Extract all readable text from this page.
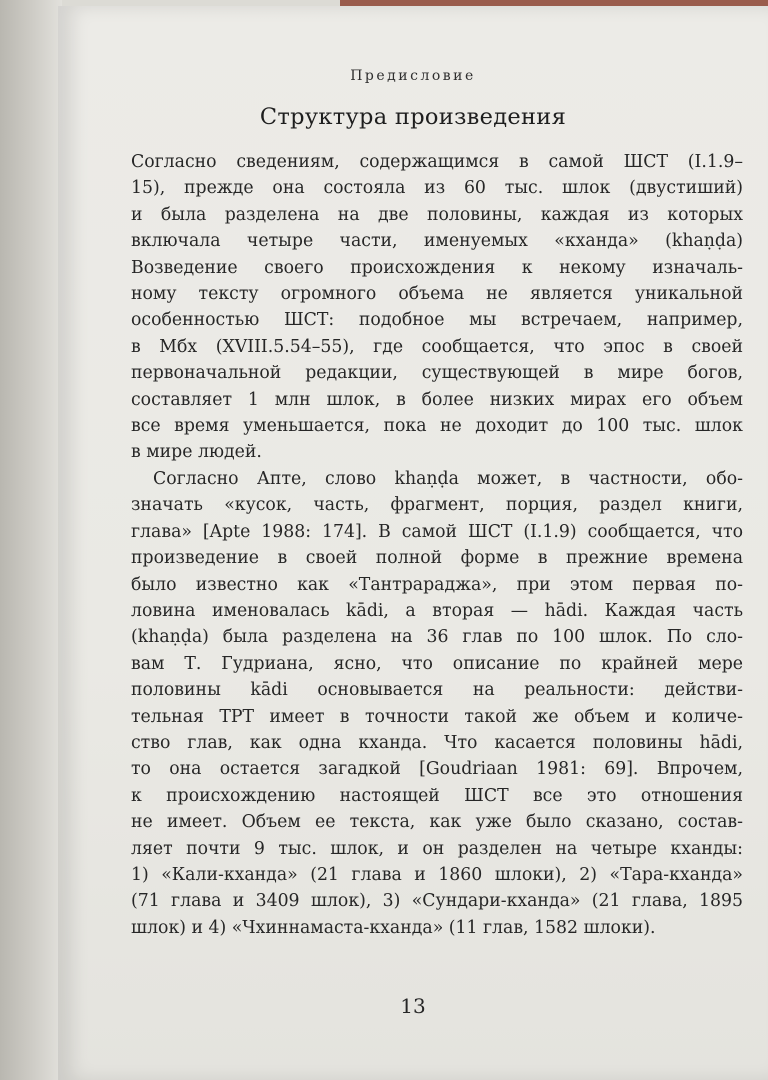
Предисловие
Структура произведения
Согласно сведениям, содержащимся в самой ШСТ (I.1.9–
15), прежде она состояла из 60 тыс. шлок (двустиший)
и была разделена на две половины, каждая из которых
включала четыре части, именуемых «кханда» (khaṇḍa)
Возведение своего происхождения к некому изначаль-
ному тексту огромного объема не является уникальной
особенностью ШСТ: подобное мы встречаем, например,
в Мбх (XVIII.5.54–55), где сообщается, что эпос в своей
первоначальной редакции, существующей в мире богов,
составляет 1 млн шлок, в более низких мирах его объем
все время уменьшается, пока не доходит до 100 тыс. шлок
в мире людей.
Согласно Апте, слово khaṇḍa может, в частности, обо-
значать «кусок, часть, фрагмент, порция, раздел книги,
глава» [Apte 1988: 174]. В самой ШСТ (I.1.9) сообщается, что
произведение в своей полной форме в прежние времена
было известно как «Тантрараджа», при этом первая по-
ловина именовалась kādi, а вторая — hādi. Каждая часть
(khaṇḍa) была разделена на 36 глав по 100 шлок. По сло-
вам Т. Гудриана, ясно, что описание по крайней мере
половины kādi основывается на реальности: действи-
тельная ТРТ имеет в точности такой же объем и количе-
ство глав, как одна кханда. Что касается половины hādi,
то она остается загадкой [Goudriaan 1981: 69]. Впрочем,
к происхождению настоящей ШСТ все это отношения
не имеет. Объем ее текста, как уже было сказано, состав-
ляет почти 9 тыс. шлок, и он разделен на четыре кханды:
1) «Кали-кханда» (21 глава и 1860 шлоки), 2) «Тара-кханда»
(71 глава и 3409 шлок), 3) «Сундари-кханда» (21 глава, 1895
шлок) и 4) «Чхиннамаста-кханда» (11 глав, 1582 шлоки).
13
